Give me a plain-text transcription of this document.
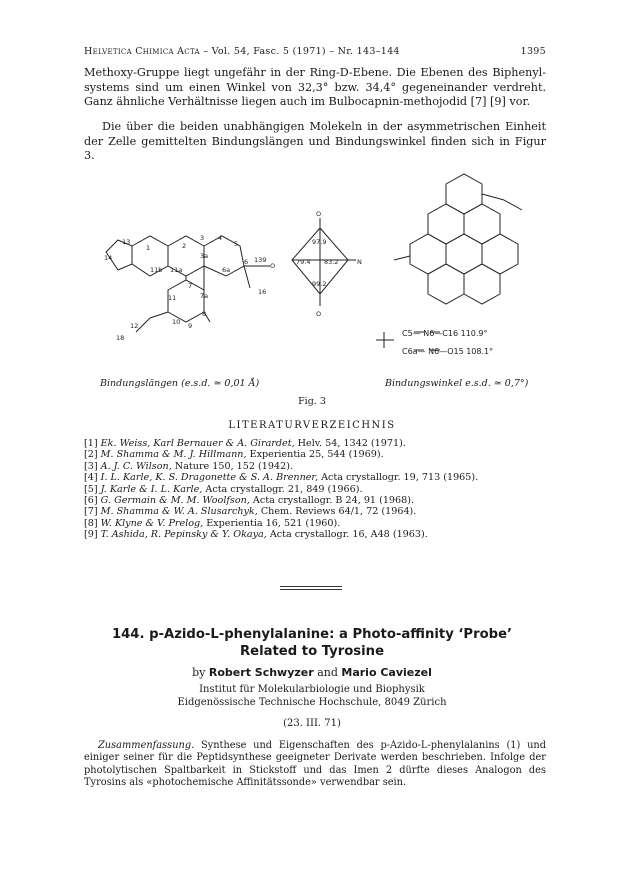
Helvetica Chimica Acta – Vol. 54, Fasc. 5 (1971) – Nr. 143–144	1395
Methoxy-Gruppe liegt ungefähr in der Ring-D-Ebene. Die Ebenen des Biphenyl-systems sind um einen Winkel von 32,3° bzw. 34,4° gegeneinander verdreht. Ganz ähnliche Verhältnisse liegen auch im Bulbocapnin-methojodid [7] [9] vor.
Die über die beiden unabhängigen Molekeln in der asymmetrischen Einheit der Zelle gemittelten Bindungslängen und Bindungswinkel finden sich in Figur 3.
14
13
1	2
3
3a
4
5
6
6a
7
7a
8
9
10
11
11a
11b
12
16
18
O
O
N
O
139
97.9
79.4 83.2
99.2
C5— N6—C16 110.9°
C6a— N6—O15 108.1°
Bindungslängen (e.s.d. ≃ 0,01 Å)	Bindungswinkel e.s.d. ≃ 0,7°)
Fig. 3
LITERATURVERZEICHNIS
[1] Ek. Weiss, Karl Bernauer & A. Girardet, Helv. 54, 1342 (1971).
[2] M. Shamma & M. J. Hillmann, Experientia 25, 544 (1969).
[3] A. J. C. Wilson, Nature 150, 152 (1942).
[4] I. L. Karle, K. S. Dragonette & S. A. Brenner, Acta crystallogr. 19, 713 (1965).
[5] J. Karle & I. L. Karle, Acta crystallogr. 21, 849 (1966).
[6] G. Germain & M. M. Woolfson, Acta crystallogr. B 24, 91 (1968).
[7] M. Shamma & W. A. Slusarchyk, Chem. Reviews 64/1, 72 (1964).
[8] W. Klyne & V. Prelog, Experientia 16, 521 (1960).
[9] T. Ashida, R. Pepinsky & Y. Okaya, Acta crystallogr. 16, A48 (1963).
144. p-Azido-L-phenylalanine: a Photo-affinity ‘Probe’
Related to Tyrosine
by Robert Schwyzer and Mario Caviezel
Institut für Molekularbiologie und Biophysik
Eidgenössische Technische Hochschule, 8049 Zürich
(23. III. 71)
Zusammenfassung. Synthese und Eigenschaften des p-Azido-L-phenylalanins (1) und einiger seiner für die Peptidsynthese geeigneter Derivate werden beschrieben. Infolge der photolytischen Spaltbarkeit in Stickstoff und das Imen 2 dürfte dieses Analogon des Tyrosins als «photochemische Affinitätssonde» verwendbar sein.
